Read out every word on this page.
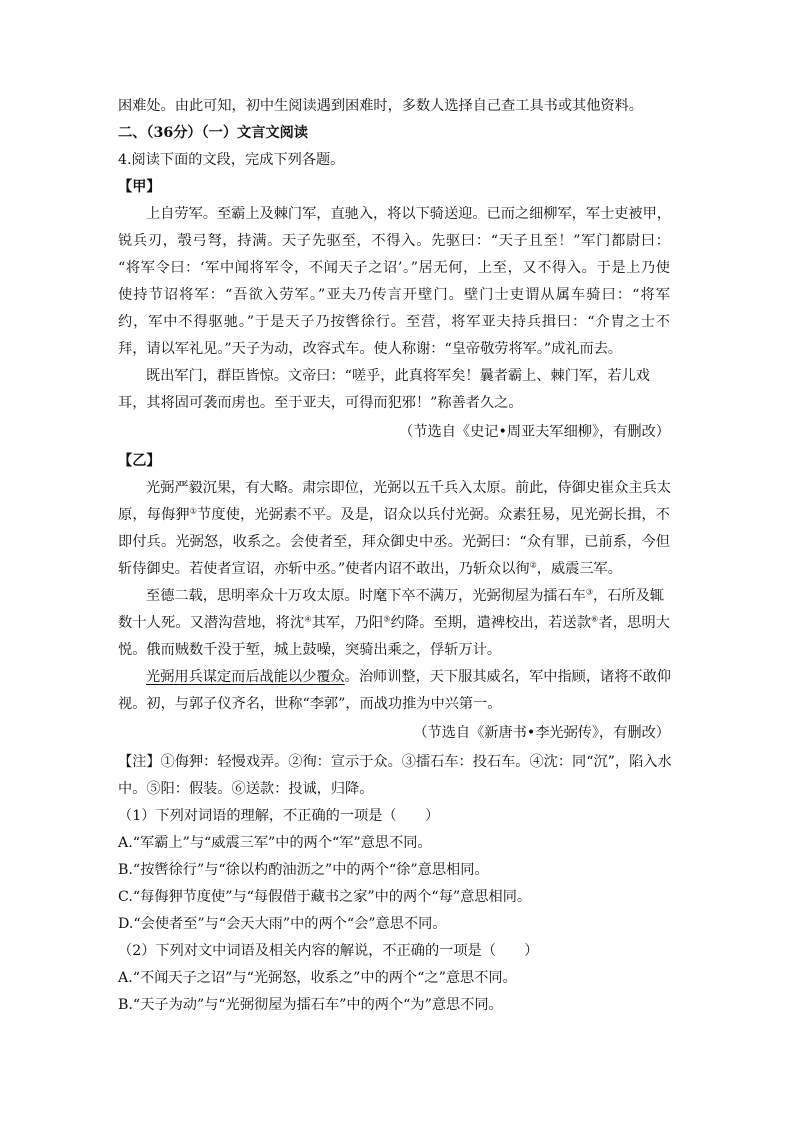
困难处。由此可知，初中生阅读遇到困难时，多数人选择自己查工具书或其他资料。
二、（36分）（一）文言文阅读
4.阅读下面的文段，完成下列各题。
【甲】
上自劳军。至霸上及棘门军，直驰入，将以下骑送迎。已而之细柳军，军士吏被甲，
锐兵刃，彀弓弩，持满。天子先驱至，不得入。先驱曰：“天子且至！”军门都尉曰：
“将军令曰：‘军中闻将军令，不闻天子之诏’。”居无何，上至，又不得入。于是上乃使
使持节诏将军：“吾欲入劳军。”亚夫乃传言开壁门。壁门士吏谓从属车骑曰：“将军
约，军中不得驱驰。”于是天子乃按辔徐行。至营，将军亚夫持兵揖曰：“介胄之士不
拜，请以军礼见。”天子为动，改容式车。使人称谢：“皇帝敬劳将军。”成礼而去。
既出军门，群臣皆惊。文帝曰：“嗟乎，此真将军矣！曩者霸上、棘门军，若儿戏
耳，其将固可袭而虏也。至于亚夫，可得而犯邪！”称善者久之。
（节选自《史记•周亚夫军细柳》，有删改）
【乙】
光弼严毅沉果，有大略。肃宗即位，光弼以五千兵入太原。前此，侍御史崔众主兵太
原，每侮狎①节度使，光弼素不平。及是，诏众以兵付光弼。众素狂易，见光弼长揖，不
即付兵。光弼怒，收系之。会使者至，拜众御史中丞。光弼曰：“众有罪，已前系，今但
斩侍御史。若使者宣诏，亦斩中丞。”使者内诏不敢出，乃斩众以徇②，威震三军。
至德二载，思明率众十万攻太原。时麾下卒不满万，光弼彻屋为擂石车③，石所及辄
数十人死。又潜沟营地，将沈④其军，乃阳⑤约降。至期，遣裨校出，若送款⑥者，思明大
悦。俄而贼数千没于堑，城上鼓噪，突骑出乘之，俘斩万计。
光弼用兵谋定而后战能以少覆众。治师训整，天下服其威名，军中指顾，诸将不敢仰
视。初，与郭子仪齐名，世称“李郭”，而战功推为中兴第一。
（节选自《新唐书•李光弼传》，有删改）
【注】①侮狎：轻慢戏弄。②徇：宣示于众。③擂石车：投石车。④沈：同“沉”，陷入水
中。⑤阳：假装。⑥送款：投诚，归降。
（1）下列对词语的理解，不正确的一项是（　　）
A.“军霸上”与“威震三军”中的两个“军”意思不同。
B.“按辔徐行”与“徐以杓酌油沥之”中的两个“徐”意思相同。
C.“每侮狎节度使”与“每假借于藏书之家”中的两个“每”意思相同。
D.“会使者至”与“会天大雨”中的两个“会”意思不同。
（2）下列对文中词语及相关内容的解说，不正确的一项是（　　）
A.“不闻天子之诏”与“光弼怒，收系之”中的两个“之”意思不同。
B.“天子为动”与“光弼彻屋为擂石车”中的两个“为”意思不同。
